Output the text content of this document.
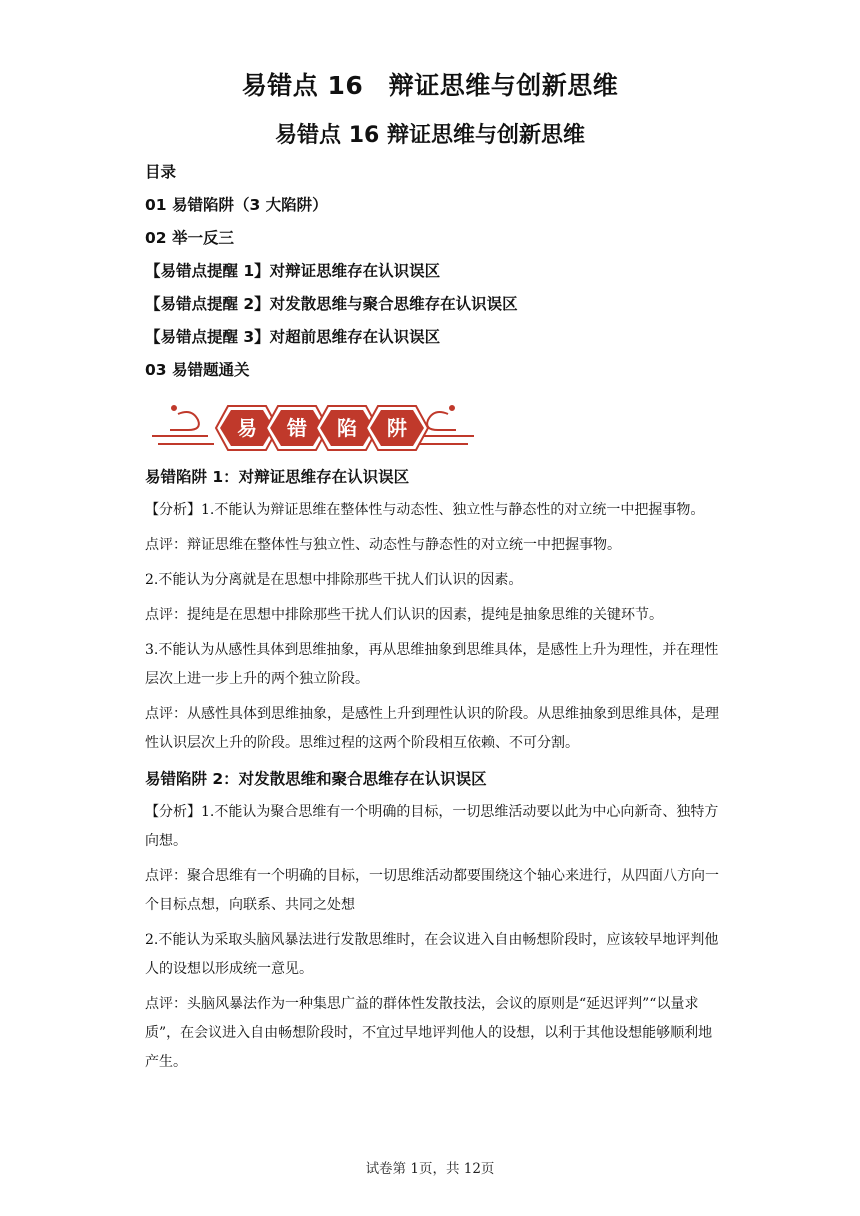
易错点 16　辩证思维与创新思维
易错点 16 辩证思维与创新思维
目录
01 易错陷阱（3 大陷阱）
02 举一反三
【易错点提醒 1】对辩证思维存在认识误区
【易错点提醒 2】对发散思维与聚合思维存在认识误区
【易错点提醒 3】对超前思维存在认识误区
03 易错题通关
易 错 陷 阱
易错陷阱 1：对辩证思维存在认识误区
【分析】1.不能认为辩证思维在整体性与动态性、独立性与静态性的对立统一中把握事物。
点评：辩证思维在整体性与独立性、动态性与静态性的对立统一中把握事物。
2.不能认为分离就是在思想中排除那些干扰人们认识的因素。
点评：提纯是在思想中排除那些干扰人们认识的因素，提纯是抽象思维的关键环节。
3.不能认为从感性具体到思维抽象，再从思维抽象到思维具体，是感性上升为理性，并在理性层次上进一步上升的两个独立阶段。
点评：从感性具体到思维抽象，是感性上升到理性认识的阶段。从思维抽象到思维具体，是理性认识层次上升的阶段。思维过程的这两个阶段相互依赖、不可分割。
易错陷阱 2：对发散思维和聚合思维存在认识误区
【分析】1.不能认为聚合思维有一个明确的目标，一切思维活动要以此为中心向新奇、独特方向想。
点评：聚合思维有一个明确的目标，一切思维活动都要围绕这个轴心来进行，从四面八方向一个目标点想，向联系、共同之处想
2.不能认为采取头脑风暴法进行发散思维时，在会议进入自由畅想阶段时，应该较早地评判他人的设想以形成统一意见。
点评：头脑风暴法作为一种集思广益的群体性发散技法，会议的原则是“延迟评判”“以量求质”，在会议进入自由畅想阶段时，不宜过早地评判他人的设想，以利于其他设想能够顺利地产生。
试卷第 1页，共 12页
